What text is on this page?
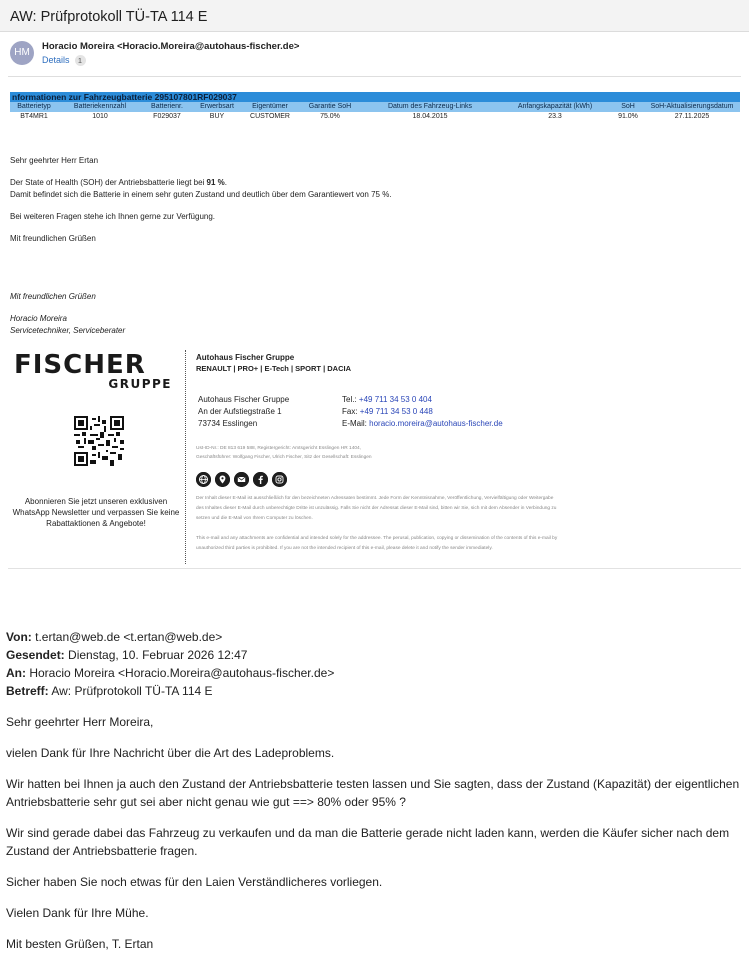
AW: Prüfprotokoll TÜ-TA 114 E
HM
Horacio Moreira <Horacio.Moreira@autohaus-fischer.de>
Details 1
nformationen zur Fahrzeugbatterie 295107801RF029037
Batterietyp	Batteriekennzahl	Batterienr.	Erwerbsart	Eigentümer	Garantie SoH	Datum des Fahrzeug-Links	Anfangskapazität (kWh)	SoH	SoH-Aktualisierungsdatum
BT4MR1	1010	F029037	BUY	CUSTOMER	75.0%	18.04.2015	23.3	91.0%	27.11.2025
Sehr geehrter Herr Ertan
Der State of Health (SOH) der Antriebsbatterie liegt bei 91 %.
Damit befindet sich die Batterie in einem sehr guten Zustand und deutlich über dem Garantiewert von 75 %.
Bei weiteren Fragen stehe ich Ihnen gerne zur Verfügung.
Mit freundlichen Grüßen
Mit freundlichen Grüßen
Horacio Moreira
Servicetechniker, Serviceberater
FISCHER
GRUPPE
Abonnieren Sie jetzt unseren exklusiven WhatsApp Newsletter und verpassen Sie keine Rabattaktionen & Angebote!
Autohaus Fischer Gruppe
RENAULT | PRO+ | E-Tech | SPORT | DACIA
Autohaus Fischer Gruppe
An der Aufstiegstraße 1
73734 Esslingen
Tel.: +49 711 34 53 0 404
Fax: +49 711 34 53 0 448
E-Mail: horacio.moreira@autohaus-fischer.de
Ust-ID-Nr.: DE 813 619 588, Registergericht: Amtsgericht Esslingen HR 1404,
Geschäftsführer: Wolfgang Fischer, Ulrich Fischer, Sitz der Gesellschaft: Esslingen
Der Inhalt dieser E-Mail ist ausschließlich für den bezeichneten Adressaten bestimmt. Jede Form der Kenntnisnahme, Veröffentlichung, Vervielfältigung oder Weitergabe des Inhaltes dieser E-Mail durch unberechtigte Dritte ist unzulässig. Falls Sie nicht der Adressat dieser E-Mail sind, bitten wir Sie, sich mit dem Absender in Verbindung zu setzen und die E-Mail von Ihrem Computer zu löschen.
This e-mail and any attachments are confidential and intended solely for the addressee. The perusal, publication, copying or dissemination of the contents of this e-mail by unauthorized third parties is prohibited. If you are not the intended recipient of this e-mail, please delete it and notify the sender immediately.
Von: t.ertan@web.de <t.ertan@web.de>
Gesendet: Dienstag, 10. Februar 2026 12:47
An: Horacio Moreira <Horacio.Moreira@autohaus-fischer.de>
Betreff: Aw: Prüfprotokoll TÜ-TA 114 E
Sehr geehrter Herr Moreira,
vielen Dank für Ihre Nachricht über die Art des Ladeproblems.
Wir hatten bei Ihnen ja auch den Zustand der Antriebsbatterie testen lassen und Sie sagten, dass der Zustand (Kapazität) der eigentlichen Antriebsbatterie sehr gut sei aber nicht genau wie gut ==> 80% oder 95% ?
Wir sind gerade dabei das Fahrzeug zu verkaufen und da man die Batterie gerade nicht laden kann, werden die Käufer sicher nach dem Zustand der Antriebsbatterie fragen.
Sicher haben Sie noch etwas für den Laien Verständlicheres vorliegen.
Vielen Dank für Ihre Mühe.
Mit besten Grüßen, T. Ertan
